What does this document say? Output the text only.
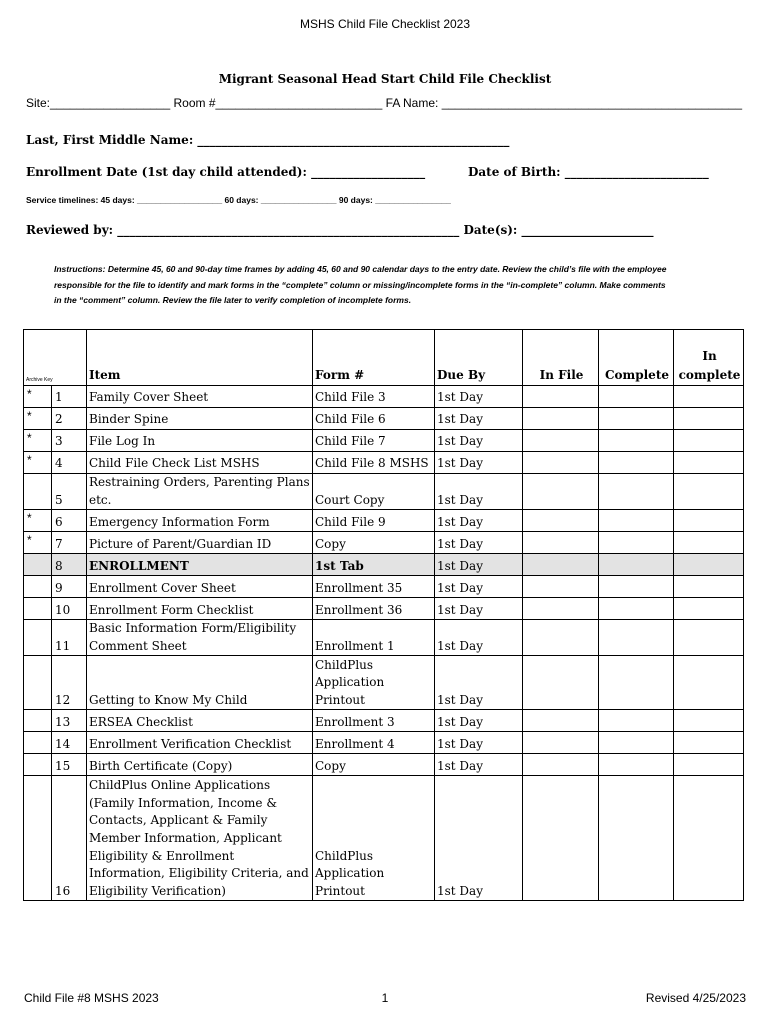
MSHS Child File Checklist 2023
Migrant Seasonal Head Start Child File Checklist
Site:__________________ Room #_________________________ FA Name: _____________________________________________
Last, First Middle Name: ____________________________________________________
Enrollment Date (1st day child attended): ___________________	Date of Birth: ________________________
Service timelines: 45 days: __________________ 60 days: ________________ 90 days: ________________
Reviewed by: _________________________________________________________ Date(s): ______________________
Instructions: Determine 45, 60 and 90-day time frames by adding 45, 60 and 90 calendar days to the entry date. Review the child’s file with the employee responsible for the file to identify and mark forms in the “complete” column or missing/incomplete forms in the “in-complete” column. Make comments in the “comment” column. Review the file later to verify completion of incomplete forms.
Archive Key		Item	Form #	Due By	In File	Complete	In complete
*	1	Family Cover Sheet	Child File 3	1st Day			
*	2	Binder Spine	Child File 6	1st Day			
*	3	File Log In	Child File 7	1st Day			
*	4	Child File Check List MSHS	Child File 8 MSHS	1st Day			
	5	Restraining Orders, Parenting Plans etc.	Court Copy	1st Day			
*	6	Emergency Information Form	Child File 9	1st Day			
*	7	Picture of Parent/Guardian ID	Copy	1st Day			
	8	ENROLLMENT	1st Tab	1st Day			
	9	Enrollment Cover Sheet	Enrollment 35	1st Day			
	10	Enrollment Form Checklist	Enrollment 36	1st Day			
	11	Basic Information Form/Eligibility Comment Sheet	Enrollment 1	1st Day			
	12	Getting to Know My Child	ChildPlus Application Printout	1st Day			
	13	ERSEA Checklist	Enrollment 3	1st Day			
	14	Enrollment Verification Checklist	Enrollment 4	1st Day			
	15	Birth Certificate (Copy)	Copy	1st Day			
	16	ChildPlus Online Applications (Family Information, Income & Contacts, Applicant & Family Member Information, Applicant Eligibility & Enrollment Information, Eligibility Criteria, and Eligibility Verification)	ChildPlus Application Printout	1st Day			
Child File #8 MSHS 2023	1	Revised 4/25/2023
